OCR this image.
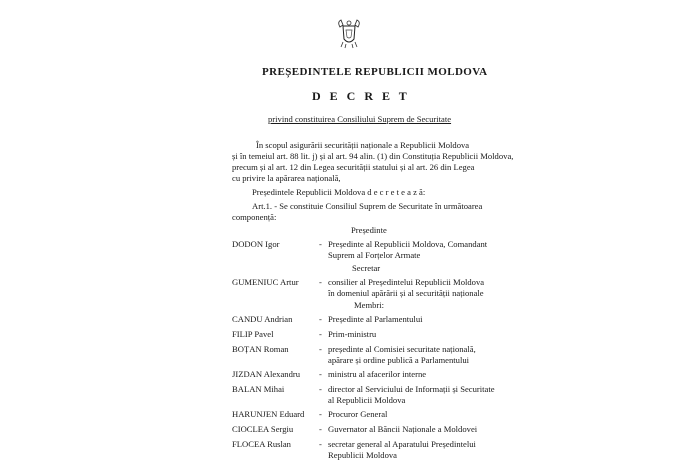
PREȘEDINTELE REPUBLICII MOLDOVA
D E C R E T
privind constituirea Consiliului Suprem de Securitate
În scopul asigurării securității naționale a Republicii Moldova
și în temeiul art. 88 lit. j) și al art. 94 alin. (1) din Constituția Republicii Moldova,
precum și al art. 12 din Legea securității statului și al art. 26 din Legea
cu privire la apărarea națională,
Președintele Republicii Moldova d e c r e t e a z ă:
Art.1. - Se constituie Consiliul Suprem de Securitate în următoarea
componență:
Președinte
DODON Igor	- Președinte al Republicii Moldova, Comandant
Suprem al Forțelor Armate
Secretar
GUMENIUC Artur - consilier al Președintelui Republicii Moldova
în domeniul apărării și al securității naționale
Membri:
CANDU Andrian	- Președinte al Parlamentului
FILIP Pavel	- Prim-ministru
BOȚAN Roman	- președinte al Comisiei securitate națională,
apărare și ordine publică a Parlamentului
JIZDAN Alexandru - ministru al afacerilor interne
BALAN Mihai	- director al Serviciului de Informații și Securitate
al Republicii Moldova
HARUNJEN Eduard - Procuror General
CIOCLEA Sergiu	- Guvernator al Băncii Naționale a Moldovei
FLOCEA Ruslan	- secretar general al Aparatului Președintelui
Republicii Moldova
